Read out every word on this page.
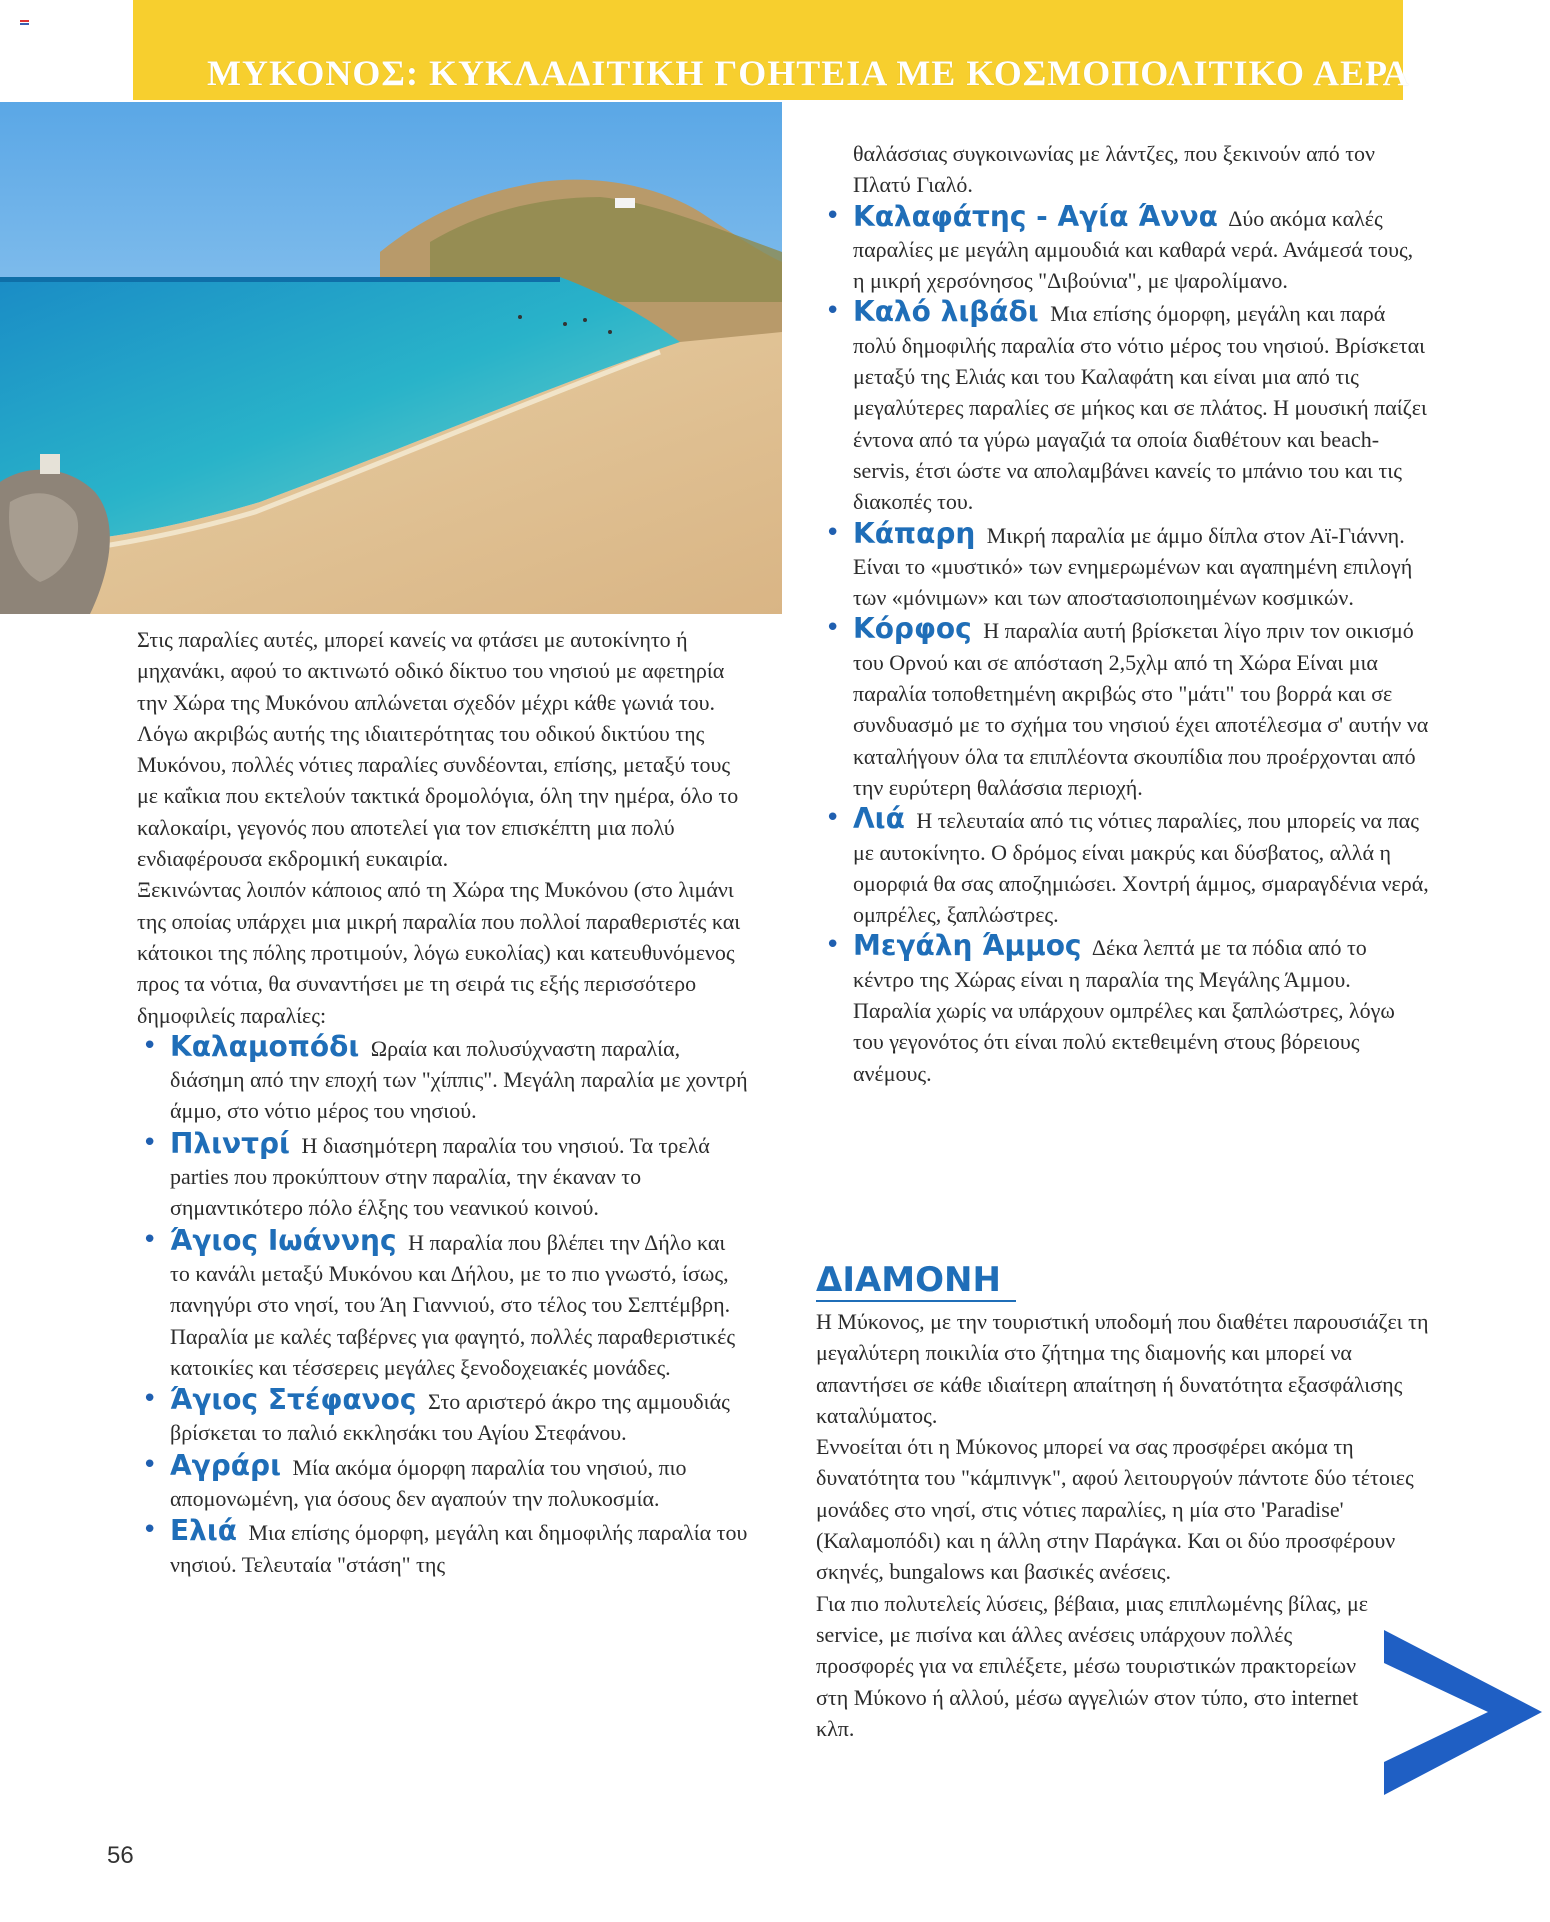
ΜΥΚΟΝΟΣ: ΚΥΚΛΑΔΙΤΙΚΗ ΓΟΗΤΕΙΑ ΜΕ ΚΟΣΜΟΠΟΛΙΤΙΚΟ ΑΕΡΑ

Στις παραλίες αυτές, μπορεί κανείς να φτάσει με αυτοκίνητο ή μηχανάκι, αφού το ακτινωτό οδικό δίκτυο του νησιού με αφετηρία την Χώρα της Μυκόνου απλώνεται σχεδόν μέχρι κάθε γωνιά του. Λόγω ακριβώς αυτής της ιδιαιτερότητας του οδικού δικτύου της Μυκόνου, πολλές νότιες παραλίες συνδέονται, επίσης, μεταξύ τους με καΐκια που εκτελούν τακτικά δρομολόγια, όλη την ημέρα, όλο το καλοκαίρι, γεγονός που αποτελεί για τον επισκέπτη μια πολύ ενδιαφέρουσα εκδρομική ευκαιρία.

Ξεκινώντας λοιπόν κάποιος από τη Χώρα της Μυκόνου (στο λιμάνι της οποίας υπάρχει μια μικρή παραλία που πολλοί παραθεριστές και κάτοικοι της πόλης προτιμούν, λόγω ευκολίας) και κατευθυνόμενος προς τα νότια, θα συναντήσει με τη σειρά τις εξής περισσότερο δημοφιλείς παραλίες:

• Καλαμοπόδι Ωραία και πολυσύχναστη παραλία, διάσημη από την εποχή των "χίππις". Μεγάλη παραλία με χοντρή άμμο, στο νότιο μέρος του νησιού.
• Πλιντρί Η διασημότερη παραλία του νησιού. Τα τρελά parties που προκύπτουν στην παραλία, την έκαναν το σημαντικότερο πόλο έλξης του νεανικού κοινού.
• Άγιος Ιωάννης Η παραλία που βλέπει την Δήλο και το κανάλι μεταξύ Μυκόνου και Δήλου, με το πιο γνωστό, ίσως, πανηγύρι στο νησί, του Άη Γιαννιού, στο τέλος του Σεπτέμβρη. Παραλία με καλές ταβέρνες για φαγητό, πολλές παραθεριστικές κατοικίες και τέσσερεις μεγάλες ξενοδοχειακές μονάδες.
• Άγιος Στέφανος Στο αριστερό άκρο της αμμουδιάς βρίσκεται το παλιό εκκλησάκι του Αγίου Στεφάνου.
• Αγράρι Μία ακόμα όμορφη παραλία του νησιού, πιο απομονωμένη, για όσους δεν αγαπούν την πολυκοσμία.
• Ελιά Μια επίσης όμορφη, μεγάλη και δημοφιλής παραλία του νησιού. Τελευταία "στάση" της

θαλάσσιας συγκοινωνίας με λάντζες, που ξεκινούν από τον Πλατύ Γιαλό.

• Καλαφάτης - Αγία Άννα Δύο ακόμα καλές παραλίες με μεγάλη αμμουδιά και καθαρά νερά. Ανάμεσά τους, η μικρή χερσόνησος "Διβούνια", με ψαρολίμανο.
• Καλό λιβάδι Μια επίσης όμορφη, μεγάλη και παρά πολύ δημοφιλής παραλία στο νότιο μέρος του νησιού. Βρίσκεται μεταξύ της Ελιάς και του Καλαφάτη και είναι μια από τις μεγαλύτερες παραλίες σε μήκος και σε πλάτος. Η μουσική παίζει έντονα από τα γύρω μαγαζιά τα οποία διαθέτουν και beach-servis, έτσι ώστε να απολαμβάνει κανείς το μπάνιο του και τις διακοπές του.
• Κάπαρη Μικρή παραλία με άμμο δίπλα στον Αϊ-Γιάννη. Είναι το «μυστικό» των ενημερωμένων και αγαπημένη επιλογή των «μόνιμων» και των αποστασιοποιημένων κοσμικών.
• Κόρφος Η παραλία αυτή βρίσκεται λίγο πριν τον οικισμό του Ορνού και σε απόσταση 2,5χλμ από τη Χώρα Είναι μια παραλία τοποθετημένη ακριβώς στο "μάτι" του βορρά και σε συνδυασμό με το σχήμα του νησιού έχει αποτέλεσμα σ' αυτήν να καταλήγουν όλα τα επιπλέοντα σκουπίδια που προέρχονται από την ευρύτερη θαλάσσια περιοχή.
• Λιά Η τελευταία από τις νότιες παραλίες, που μπορείς να πας με αυτοκίνητο. Ο δρόμος είναι μακρύς και δύσβατος, αλλά η ομορφιά θα σας αποζημιώσει. Χοντρή άμμος, σμαραγδένια νερά, ομπρέλες, ξαπλώστρες.
• Μεγάλη Άμμος Δέκα λεπτά με τα πόδια από το κέντρο της Χώρας είναι η παραλία της Μεγάλης Άμμου. Παραλία χωρίς να υπάρχουν ομπρέλες και ξαπλώστρες, λόγω του γεγονότος ότι είναι πολύ εκτεθειμένη στους βόρειους ανέμους.
ΔΙΑΜΟΝΗ

Η Μύκονος, με την τουριστική υποδομή που διαθέτει παρουσιάζει τη μεγαλύτερη ποικιλία στο ζήτημα της διαμονής και μπορεί να απαντήσει σε κάθε ιδιαίτερη απαίτηση ή δυνατότητα εξασφάλισης καταλύματος.

Εννοείται ότι η Μύκονος μπορεί να σας προσφέρει ακόμα τη δυνατότητα του "κάμπινγκ", αφού λειτουργούν πάντοτε δύο τέτοιες μονάδες στο νησί, στις νότιες παραλίες, η μία στο 'Paradise' (Καλαμοπόδι) και η άλλη στην Παράγκα. Και οι δύο προσφέρουν σκηνές, bungalows και βασικές ανέσεις.

Για πιο πολυτελείς λύσεις, βέβαια, μιας επιπλωμένης βίλας, με service, με πισίνα και άλλες ανέσεις υπάρχουν πολλές προσφορές για να επιλέξετε, μέσω τουριστικών πρακτορείων στη Μύκονο ή αλλού, μέσω αγγελιών στον τύπο, στο internet κλπ.

56
